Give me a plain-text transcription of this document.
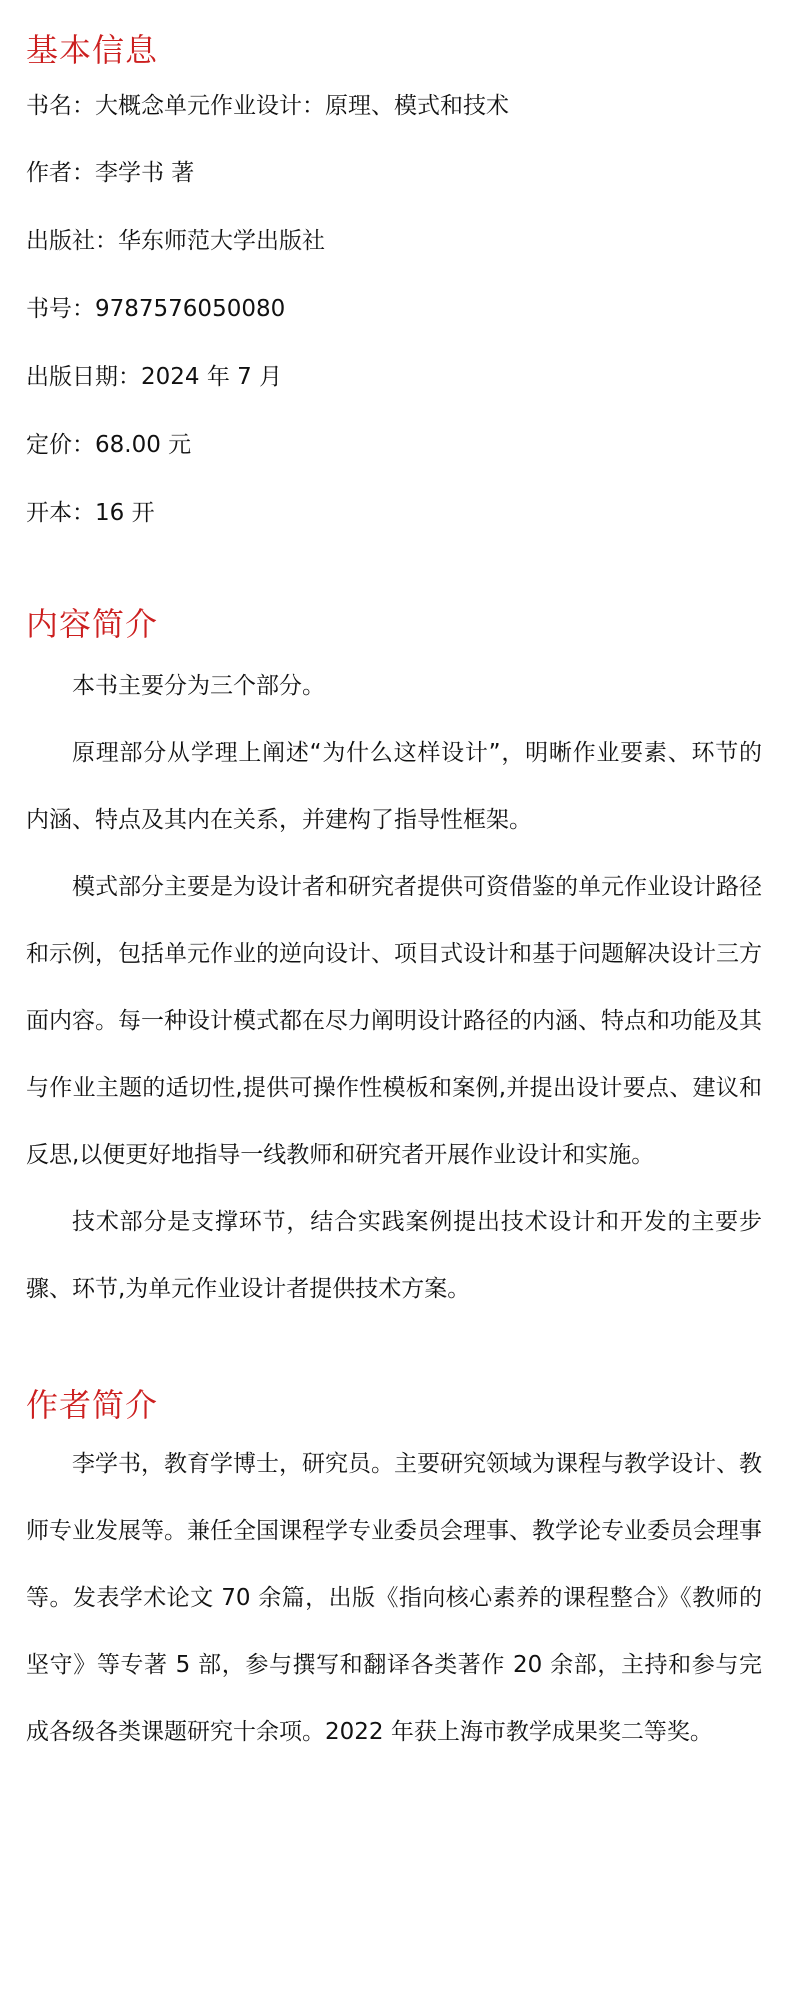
基本信息

书名：大概念单元作业设计：原理、模式和技术

作者：李学书 著

出版社：华东师范大学出版社

书号：9787576050080

出版日期：2024 年 7 月

定价：68.00 元

开本：16 开

内容简介

本书主要分为三个部分。

原理部分从学理上阐述“为什么这样设计”，明晰作业要素、环节的内涵、特点及其内在关系，并建构了指导性框架。

模式部分主要是为设计者和研究者提供可资借鉴的单元作业设计路径和示例，包括单元作业的逆向设计、项目式设计和基于问题解决设计三方面内容。每一种设计模式都在尽力阐明设计路径的内涵、特点和功能及其与作业主题的适切性,提供可操作性模板和案例,并提出设计要点、建议和反思,以便更好地指导一线教师和研究者开展作业设计和实施。

技术部分是支撑环节，结合实践案例提出技术设计和开发的主要步骤、环节,为单元作业设计者提供技术方案。

作者简介

李学书，教育学博士，研究员。主要研究领域为课程与教学设计、教师专业发展等。兼任全国课程学专业委员会理事、教学论专业委员会理事等。发表学术论文 70 余篇，出版《指向核心素养的课程整合》《教师的坚守》等专著 5 部，参与撰写和翻译各类著作 20 余部，主持和参与完成各级各类课题研究十余项。2022 年获上海市教学成果奖二等奖。
